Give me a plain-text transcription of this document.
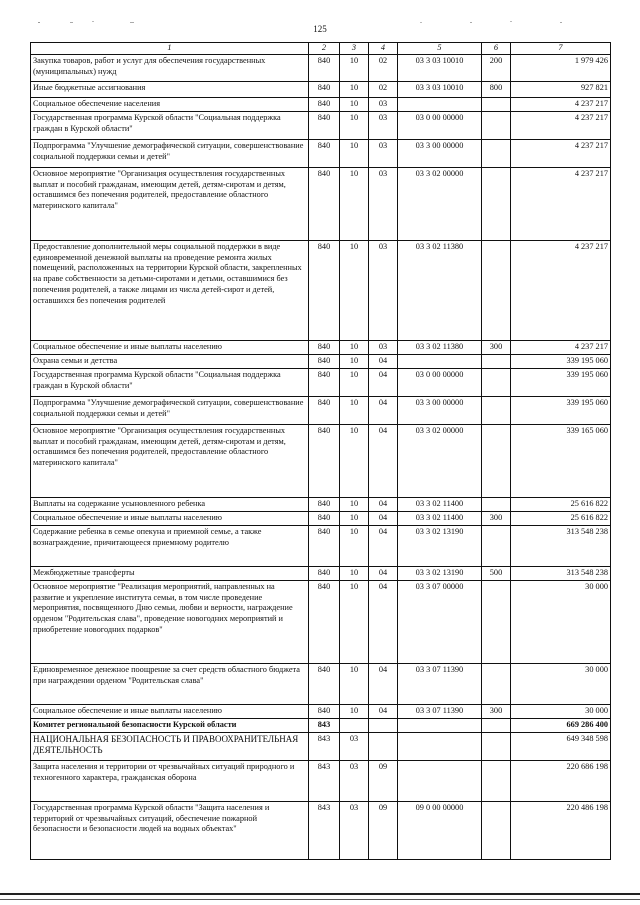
125
1	2	3	4	5	6	7
Закупка товаров, работ и услуг для обеспечения государственных (муниципальных) нужд	840	10	02	03 3 03 10010	200	1 979 426
Иные бюджетные ассигнования	840	10	02	03 3 03 10010	800	927 821
Социальное обеспечение населения	840	10	03			4 237 217
Государственная программа Курской области "Социальная поддержка граждан в Курской области"	840	10	03	03 0 00 00000		4 237 217
Подпрограмма "Улучшение демографической ситуации, совершенствование социальной поддержки семьи и детей"	840	10	03	03 3 00 00000		4 237 217
Основное мероприятие "Организация осуществления государственных выплат и пособий гражданам, имеющим детей, детям-сиротам и детям, оставшимся без попечения родителей, предоставление областного материнского капитала"	840	10	03	03 3 02 00000		4 237 217
Предоставление дополнительной меры социальной поддержки в виде единовременной денежной выплаты на проведение ремонта жилых помещений, расположенных на территории Курской области, закрепленных на праве собственности за детьми-сиротами и детьми, оставшимися без попечения родителей, а также лицами из числа детей-сирот и детей, оставшихся без попечения родителей	840	10	03	03 3 02 11380		4 237 217
Социальное обеспечение и иные выплаты населению	840	10	03	03 3 02 11380	300	4 237 217
Охрана семьи и детства	840	10	04			339 195 060
Государственная программа Курской области "Социальная поддержка граждан в Курской области"	840	10	04	03 0 00 00000		339 195 060
Подпрограмма "Улучшение демографической ситуации, совершенствование социальной поддержки семьи и детей"	840	10	04	03 3 00 00000		339 195 060
Основное мероприятие "Организация осуществления государственных выплат и пособий гражданам, имеющим детей, детям-сиротам и детям, оставшимся без попечения родителей, предоставление областного материнского капитала"	840	10	04	03 3 02 00000		339 165 060
Выплаты на содержание усыновленного ребенка	840	10	04	03 3 02 11400		25 616 822
Социальное обеспечение и иные выплаты населению	840	10	04	03 3 02 11400	300	25 616 822
Содержание ребенка в семье опекуна и приемной семье, а также вознаграждение, причитающееся приемному родителю	840	10	04	03 3 02 13190		313 548 238
Межбюджетные трансферты	840	10	04	03 3 02 13190	500	313 548 238
Основное мероприятие "Реализация мероприятий, направленных на развитие и укрепление института семьи, в том числе проведение мероприятия, посвященного Дню семьи, любви и верности, награждение орденом "Родительская слава", проведение новогодних мероприятий и приобретение новогодних подарков"	840	10	04	03 3 07 00000		30 000
Единовременное денежное поощрение за счет средств областного бюджета при награждении орденом "Родительская слава"	840	10	04	03 3 07 11390		30 000
Социальное обеспечение и иные выплаты населению	840	10	04	03 3 07 11390	300	30 000
Комитет региональной безопасности Курской области	843					669 286 400
НАЦИОНАЛЬНАЯ БЕЗОПАСНОСТЬ И ПРАВООХРАНИТЕЛЬНАЯ ДЕЯТЕЛЬНОСТЬ	843	03				649 348 598
Защита населения и территории от чрезвычайных ситуаций природного и техногенного характера, гражданская оборона	843	03	09			220 686 198
Государственная программа Курской области "Защита населения и территорий от чрезвычайных ситуаций, обеспечение пожарной безопасности и безопасности людей на водных объектах"	843	03	09	09 0 00 00000		220 486 198
